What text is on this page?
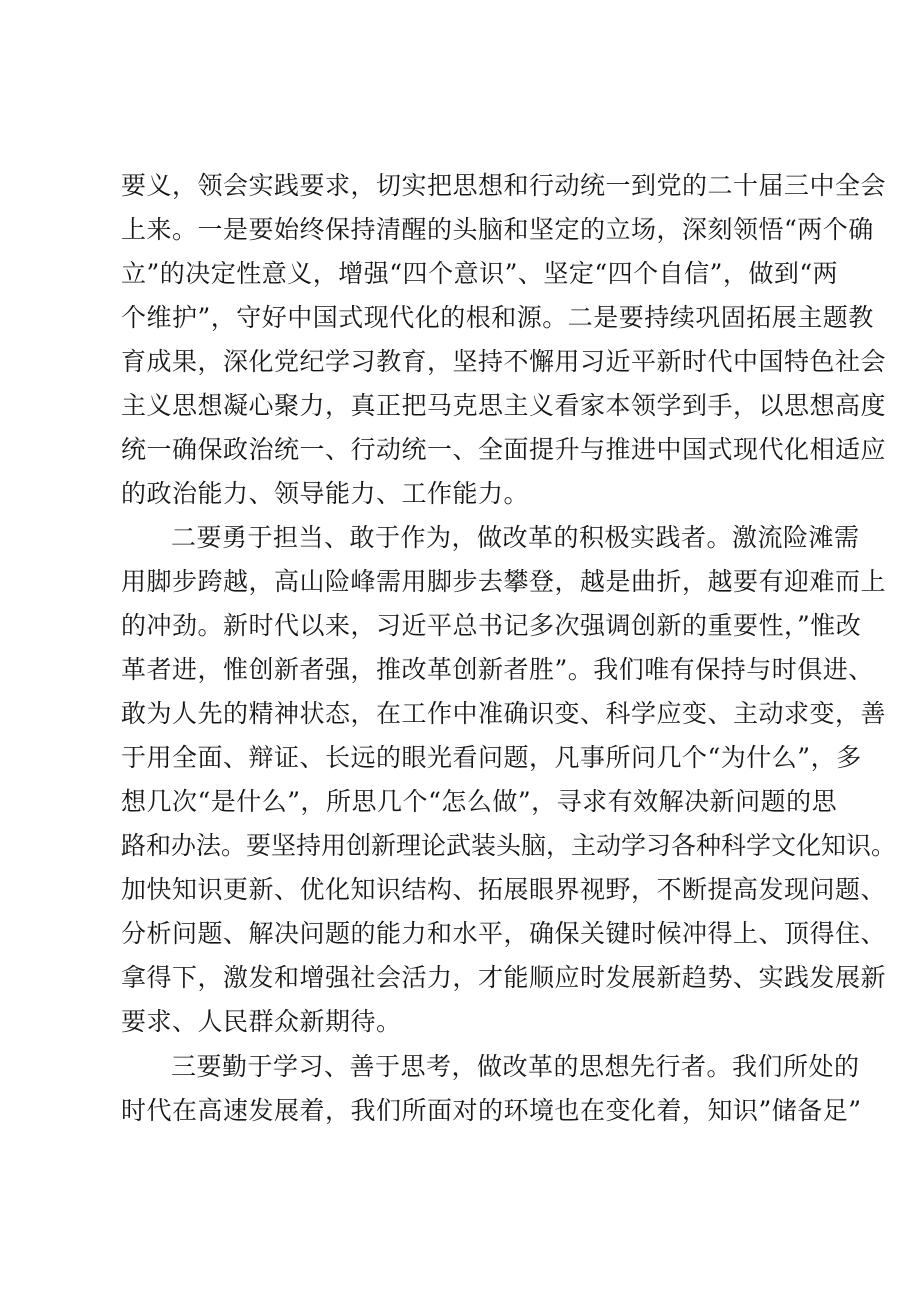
要义，领会实践要求，切实把思想和行动统一到党的二十届三中全会
上来。一是要始终保持清醒的头脑和坚定的立场，深刻领悟“两个确
立”的决定性意义，增强“四个意识”、坚定“四个自信”，做到“两
个维护”，守好中国式现代化的根和源。二是要持续巩固拓展主题教
育成果，深化党纪学习教育，坚持不懈用习近平新时代中国特色社会
主义思想凝心聚力，真正把马克思主义看家本领学到手，以思想高度
统一确保政治统一、行动统一、全面提升与推进中国式现代化相适应
的政治能力、领导能力、工作能力。
二要勇于担当、敢于作为，做改革的积极实践者。激流险滩需
用脚步跨越，高山险峰需用脚步去攀登，越是曲折，越要有迎难而上
的冲劲。新时代以来，习近平总书记多次强调创新的重要性，”惟改
革者进，惟创新者强，推改革创新者胜”。我们唯有保持与时俱进、
敢为人先的精神状态，在工作中准确识变、科学应变、主动求变，善
于用全面、辩证、长远的眼光看问题，凡事所问几个“为什么”，多
想几次“是什么”，所思几个“怎么做”，寻求有效解决新问题的思
路和办法。要坚持用创新理论武装头脑，主动学习各种科学文化知识。
加快知识更新、优化知识结构、拓展眼界视野，不断提高发现问题、
分析问题、解决问题的能力和水平，确保关键时候冲得上、顶得住、
拿得下，激发和增强社会活力，才能顺应时发展新趋势、实践发展新
要求、人民群众新期待。
三要勤于学习、善于思考，做改革的思想先行者。我们所处的
时代在高速发展着，我们所面对的环境也在变化着，知识”储备足”
